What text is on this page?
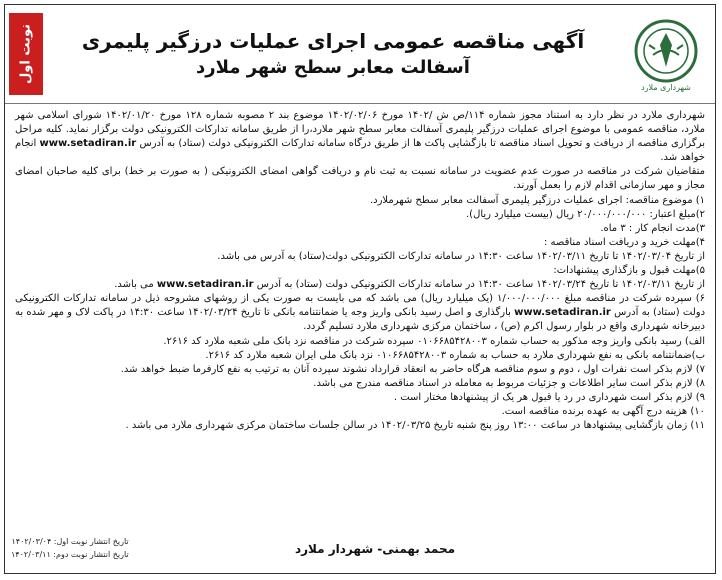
نوبت اول	آگهی مناقصه عمومی اجرای عملیات درزگیر پلیمری
آسفالت معابر سطح شهر ملارد
شهرداری ملارد

شهرداری ملارد در نظر دارد به استناد مجوز شماره ۱۱۴/ص ش /۱۴۰۲ مورخ ۱۴۰۲/۰۲/۰۶ موضوع بند ۲ مصوبه شماره ۱۲۸ مورخ ۱۴۰۲/۰۱/۲۰ شورای اسلامی شهر ملارد، مناقصه عمومی با موضوع اجرای عملیات درزگیر پلیمری آسفالت معابر سطح شهر ملارد،را از طریق سامانه تدارکات الکترونیکی دولت برگزار نماید. کلیه مراحل برگزاری مناقصه از دریافت و تحویل اسناد مناقصه تا بازگشایی پاکت ها از طریق درگاه سامانه تدارکات الکترونیکی دولت (ستاد) به آدرس www.setadiran.ir انجام خواهد شد.

متقاضیان شرکت در مناقصه در صورت عدم عضویت در سامانه نسبت به ثبت نام و دریافت گواهی امضای الکترونیکی ( به صورت بر خط) برای کلیه صاحبان امضای مجاز و مهر سازمانی اقدام لازم را بعمل آورند.

۱) موضوع مناقصه: اجرای عملیات درزگیر پلیمری آسفالت معابر سطح شهرملارد.

۲)مبلغ اعتبار: ۲۰/۰۰۰/۰۰۰/۰۰۰ ریال (بیست میلیارد ریال).

۳)مدت انجام کار : ۳ ماه.

۴)مهلت خرید و دریافت اسناد مناقصه :

از تاریخ ۱۴۰۲/۰۳/۰۴ تا تاریخ ۱۴۰۲/۰۳/۱۱ ساعت ۱۴:۳۰ در سامانه تدارکات الکترونیکی دولت(ستاد) به آدرس می باشد.

۵)مهلت قبول و بازگذاری پیشنهادات:

از تاریخ ۱۴۰۲/۰۳/۱۱ تا تاریخ ۱۴۰۲/۰۳/۲۴ ساعت ۱۴:۳۰ در سامانه تدارکات الکترونیکی دولت (ستاد) به آدرس www.setadiran.ir می باشد.

۶) سپرده شرکت در مناقصه مبلغ ۱/۰۰۰/۰۰۰/۰۰۰ (یک میلیارد ریال) می باشد که می بایست به صورت یکی از روشهای مشروحه ذیل در سامانه تدارکات الکترونیکی دولت (ستاد) به آدرس www.setadiran.ir بارگذاری و اصل رسید بانکی واریز وجه یا ضمانتنامه بانکی تا تاریخ ۱۴۰۲/۰۳/۲۴ ساعت ۱۴:۳۰ در پاکت لاک و مهر شده به دبیرخانه شهرداری واقع در بلوار رسول اکرم (ص) ، ساختمان مرکزی شهرداری ملارد تسلیم گردد.

الف) رسید بانکی واریز وجه مذکور به حساب شماره ۰۱۰۶۶۸۵۴۲۸۰۰۳ سپرده شرکت در مناقصه نزد بانک ملی شعبه ملارد کد ۲۶۱۶.

ب)ضمانتنامه بانکی به نفع شهرداری ملارد به حساب به شماره ۰۱۰۶۶۸۵۴۲۸۰۰۳ نزد بانک ملی ایران شعبه ملارد کد ۲۶۱۶.

۷) لازم بذکر است نفرات اول ، دوم و سوم مناقصه هرگاه حاضر به انعقاد قرارداد نشوند سپرده آنان به ترتیب به نفع کارفرما ضبط خواهد شد.

۸) لازم بذکر است سایر اطلاعات و جزئیات مربوط به معامله در اسناد مناقصه مندرج می باشد.

۹) لازم بذکر است شهرداری در رد یا قبول هر یک از پیشنهادها مختار است .

۱۰) هزینه درج آگهی به عهده برنده مناقصه است.

۱۱) زمان بازگشایی پیشنهادها در ساعت ۱۳:۰۰ روز پنج شنبه تاریخ ۱۴۰۲/۰۳/۲۵ در سالن جلسات ساختمان مرکزی شهرداری ملارد می باشد .

محمد بهمنی- شهردار ملارد
تاریخ انتشار نوبت اول: ۱۴۰۲/۰۳/۰۴
تاریخ انتشار نوبت دوم: ۱۴۰۲/۰۳/۱۱
